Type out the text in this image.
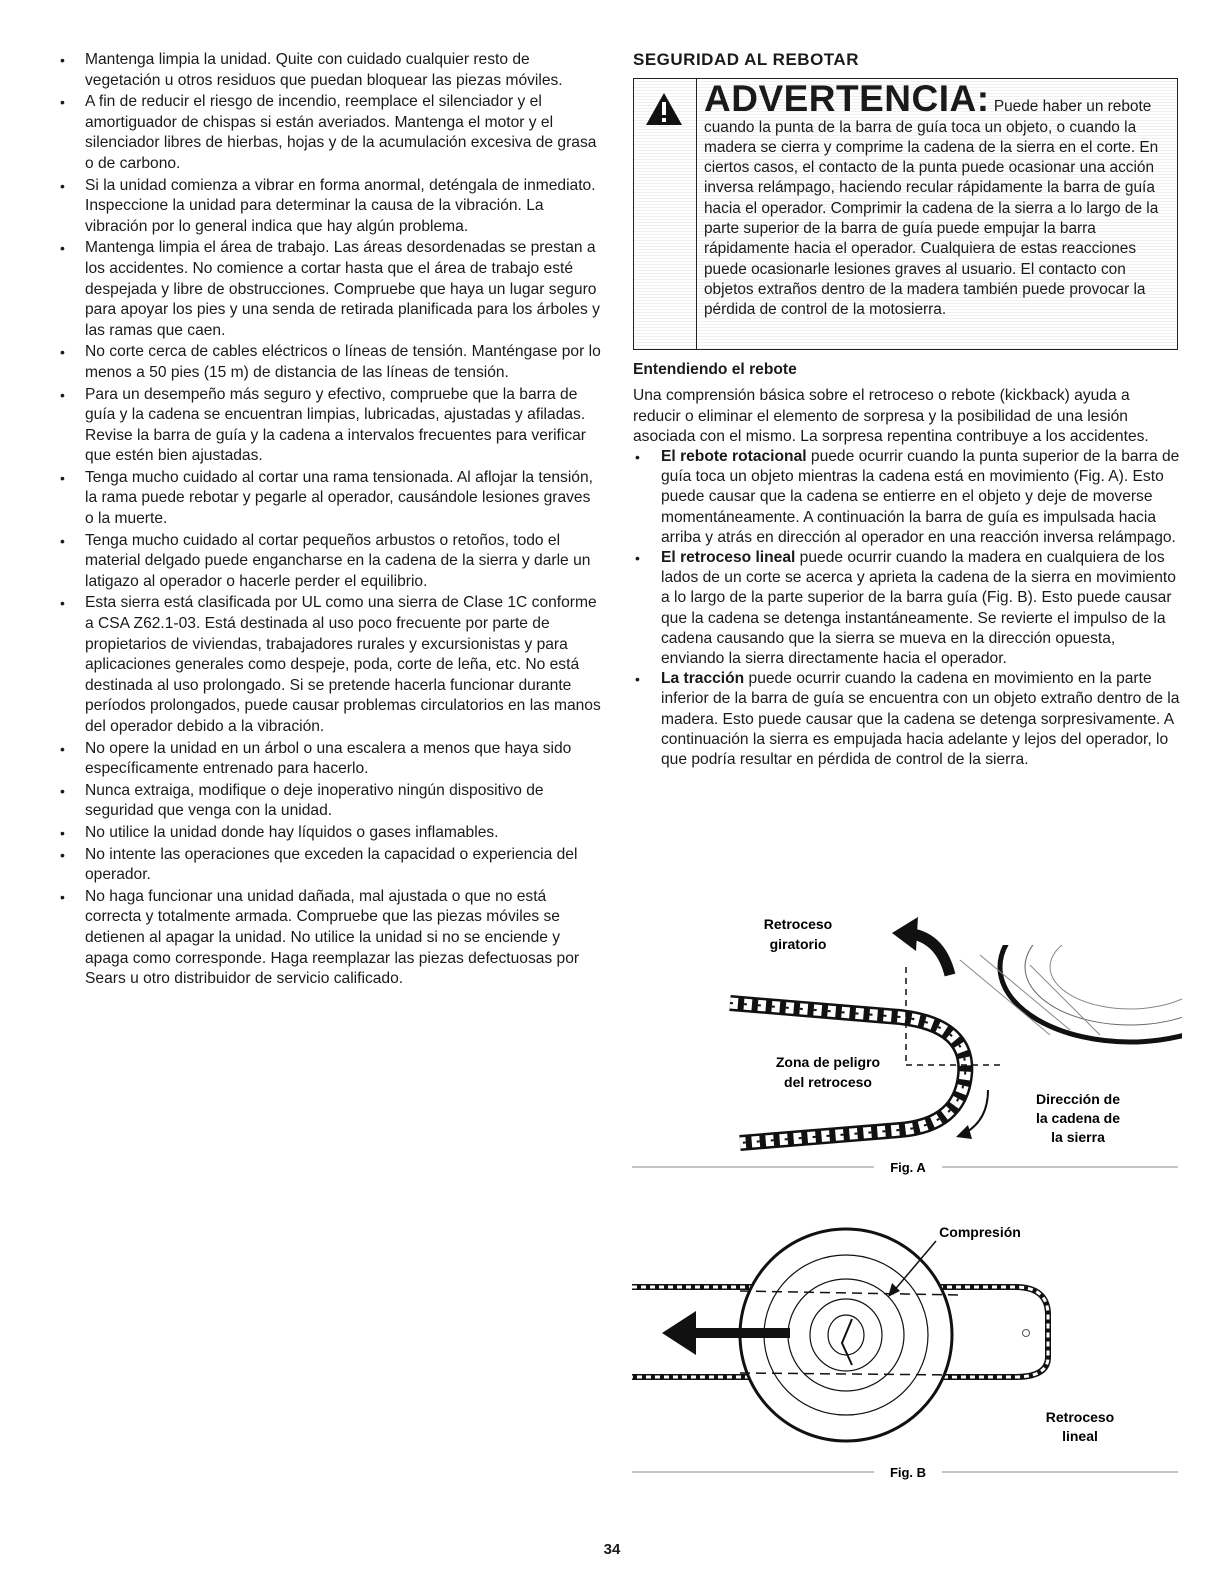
• Mantenga limpia la unidad. Quite con cuidado cualquier resto de vegetación u otros residuos que puedan bloquear las piezas móviles.
• A fin de reducir el riesgo de incendio, reemplace el silenciador y el amortiguador de chispas si están averiados. Mantenga el motor y el silenciador libres de hierbas, hojas y de la acumulación excesiva de grasa o de carbono.
• Si la unidad comienza a vibrar en forma anormal, deténgala de inmediato. Inspeccione la unidad para determinar la causa de la vibración. La vibración por lo general indica que hay algún problema.
• Mantenga limpia el área de trabajo. Las áreas desordenadas se prestan a los accidentes. No comience a cortar hasta que el área de trabajo esté despejada y libre de obstrucciones. Compruebe que haya un lugar seguro para apoyar los pies y una senda de retirada planificada para los árboles y las ramas que caen.
• No corte cerca de cables eléctricos o líneas de tensión. Manténgase por lo menos a 50 pies (15 m) de distancia de las líneas de tensión.
• Para un desempeño más seguro y efectivo, compruebe que la barra de guía y la cadena se encuentran limpias, lubricadas, ajustadas y afiladas. Revise la barra de guía y la cadena a intervalos frecuentes para verificar que estén bien ajustadas.
• Tenga mucho cuidado al cortar una rama tensionada. Al aflojar la tensión, la rama puede rebotar y pegarle al operador, causándole lesiones graves o la muerte.
• Tenga mucho cuidado al cortar pequeños arbustos o retoños, todo el material delgado puede engancharse en la cadena de la sierra y darle un latigazo al operador o hacerle perder el equilibrio.
• Esta sierra está clasificada por UL como una sierra de Clase 1C conforme a CSA Z62.1-03. Está destinada al uso poco frecuente por parte de propietarios de viviendas, trabajadores rurales y excursionistas y para aplicaciones generales como despeje, poda, corte de leña, etc. No está destinada al uso prolongado. Si se pretende hacerla funcionar durante períodos prolongados, puede causar problemas circulatorios en las manos del operador debido a la vibración.
• No opere la unidad en un árbol o una escalera a menos que haya sido específicamente entrenado para hacerlo.
• Nunca extraiga, modifique o deje inoperativo ningún dispositivo de seguridad que venga con la unidad.
• No utilice la unidad donde hay líquidos o gases inflamables.
• No intente las operaciones que exceden la capacidad o experiencia del operador.
• No haga funcionar una unidad dañada, mal ajustada o que no está correcta y totalmente armada. Compruebe que las piezas móviles se detienen al apagar la unidad. No utilice la unidad si no se enciende y apaga como corresponde. Haga reemplazar las piezas defectuosas por Sears u otro distribuidor de servicio calificado.
SEGURIDAD AL REBOTAR
ADVERTENCIA: Puede haber un rebote cuando la punta de la barra de guía toca un objeto, o cuando la madera se cierra y comprime la cadena de la sierra en el corte. En ciertos casos, el contacto de la punta puede ocasionar una acción inversa relámpago, haciendo recular rápidamente la barra de guía hacia el operador. Comprimir la cadena de la sierra a lo largo de la parte superior de la barra de guía puede empujar la barra rápidamente hacia el operador. Cualquiera de estas reacciones puede ocasionarle lesiones graves al usuario. El contacto con objetos extraños dentro de la madera también puede provocar la pérdida de control de la motosierra.
Entendiendo el rebote

Una comprensión básica sobre el retroceso o rebote (kickback) ayuda a reducir o eliminar el elemento de sorpresa y la posibilidad de una lesión asociada con el mismo. La sorpresa repentina contribuye a los accidentes.

• El rebote rotacional puede ocurrir cuando la punta superior de la barra de guía toca un objeto mientras la cadena está en movimiento (Fig. A). Esto puede causar que la cadena se entierre en el objeto y deje de moverse momentáneamente. A continuación la barra de guía es impulsada hacia arriba y atrás en dirección al operador en una reacción inversa relámpago.
• El retroceso lineal puede ocurrir cuando la madera en cualquiera de los lados de un corte se acerca y aprieta la cadena de la sierra en movimiento a lo largo de la parte superior de la barra guía (Fig. B). Esto puede causar que la cadena se detenga instantáneamente. Se revierte el impulso de la cadena causando que la sierra se mueva en la dirección opuesta, enviando la sierra directamente hacia el operador.
• La tracción puede ocurrir cuando la cadena en movimiento en la parte inferior de la barra de guía se encuentra con un objeto extraño dentro de la madera. Esto puede causar que la cadena se detenga sorpresivamente. A continuación la sierra es empujada hacia adelante y lejos del operador, lo que podría resultar en pérdida de control de la sierra.
Retroceso
giratorio
Zona de peligro
del retroceso
Dirección de
la cadena de
la sierra
Fig. A
Compresión
Retroceso
lineal
Fig. B
34
